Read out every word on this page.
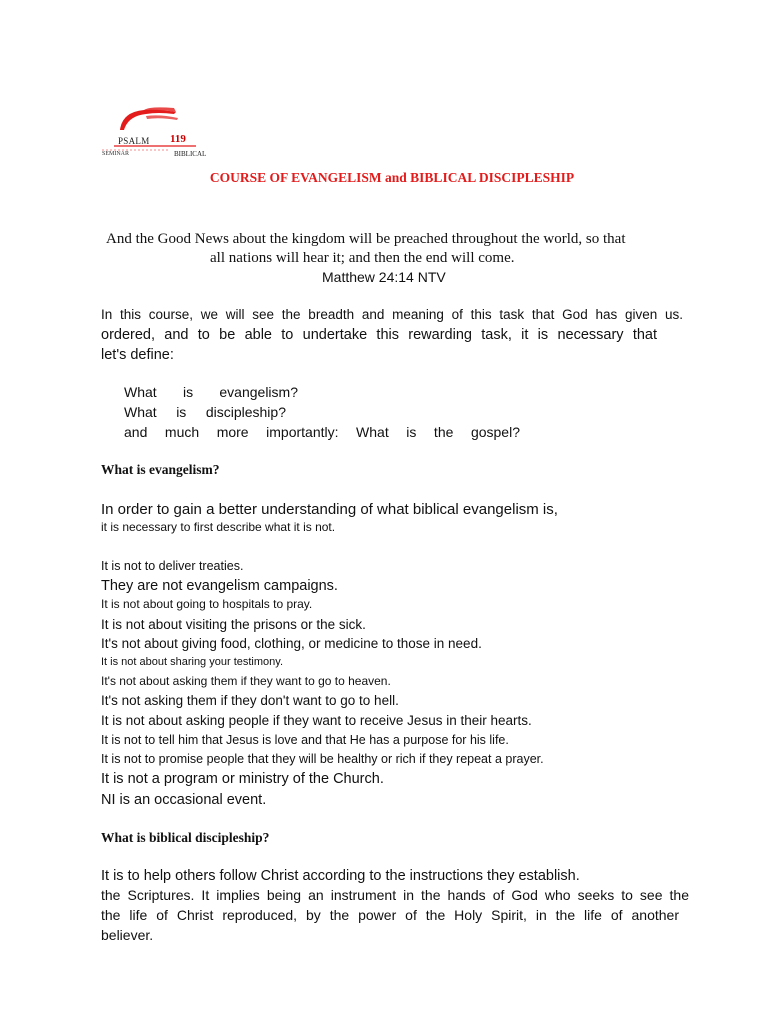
PSALM 119
SEMINAR	BIBLICAL
COURSE OF EVANGELISM and BIBLICAL DISCIPLESHIP
And the Good News about the kingdom will be preached throughout the world, so that
all nations will hear it; and then the end will come.
Matthew 24:14 NTV
In this course, we will see the breadth and meaning of this task that God has given us.
ordered, and to be able to undertake this rewarding task, it is necessary that
let's define:
What is evangelism?
What is discipleship?
and much more importantly: What is the gospel?
What is evangelism?
In order to gain a better understanding of what biblical evangelism is,
it is necessary to first describe what it is not.
It is not to deliver treaties.
They are not evangelism campaigns.
It is not about going to hospitals to pray.
It is not about visiting the prisons or the sick.
It's not about giving food, clothing, or medicine to those in need.
It is not about sharing your testimony.
It's not about asking them if they want to go to heaven.
It's not asking them if they don't want to go to hell.
It is not about asking people if they want to receive Jesus in their hearts.
It is not to tell him that Jesus is love and that He has a purpose for his life.
It is not to promise people that they will be healthy or rich if they repeat a prayer.
It is not a program or ministry of the Church.
NI is an occasional event.
What is biblical discipleship?
It is to help others follow Christ according to the instructions they establish.
the Scriptures. It implies being an instrument in the hands of God who seeks to see the
the life of Christ reproduced, by the power of the Holy Spirit, in the life of another
believer.
